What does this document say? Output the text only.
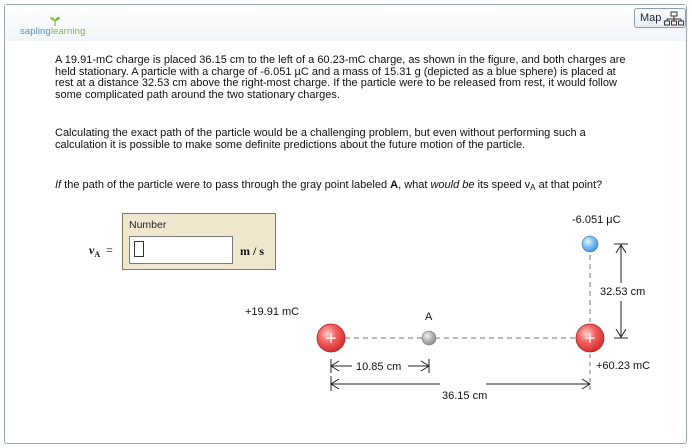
saplinglearning
Map

A 19.91-mC charge is placed 36.15 cm to the left of a 60.23-mC charge, as shown in the figure, and both charges are held stationary. A particle with a charge of -6.051 µC and a mass of 15.31 g (depicted as a blue sphere) is placed at rest at a distance 32.53 cm above the right-most charge. If the particle were to be released from rest, it would follow some complicated path around the two stationary charges.

Calculating the exact path of the particle would be a challenging problem, but even without performing such a calculation it is possible to make some definite predictions about the future motion of the particle.

If the path of the particle were to pass through the gray point labeled A, what would be its speed $v_A$ at that point?

$v_A$ =
Number
m / s
+	+
+19.91 mC
+60.23 mC
-6.051 µC
A
32.53 cm
10.85 cm
36.15 cm
